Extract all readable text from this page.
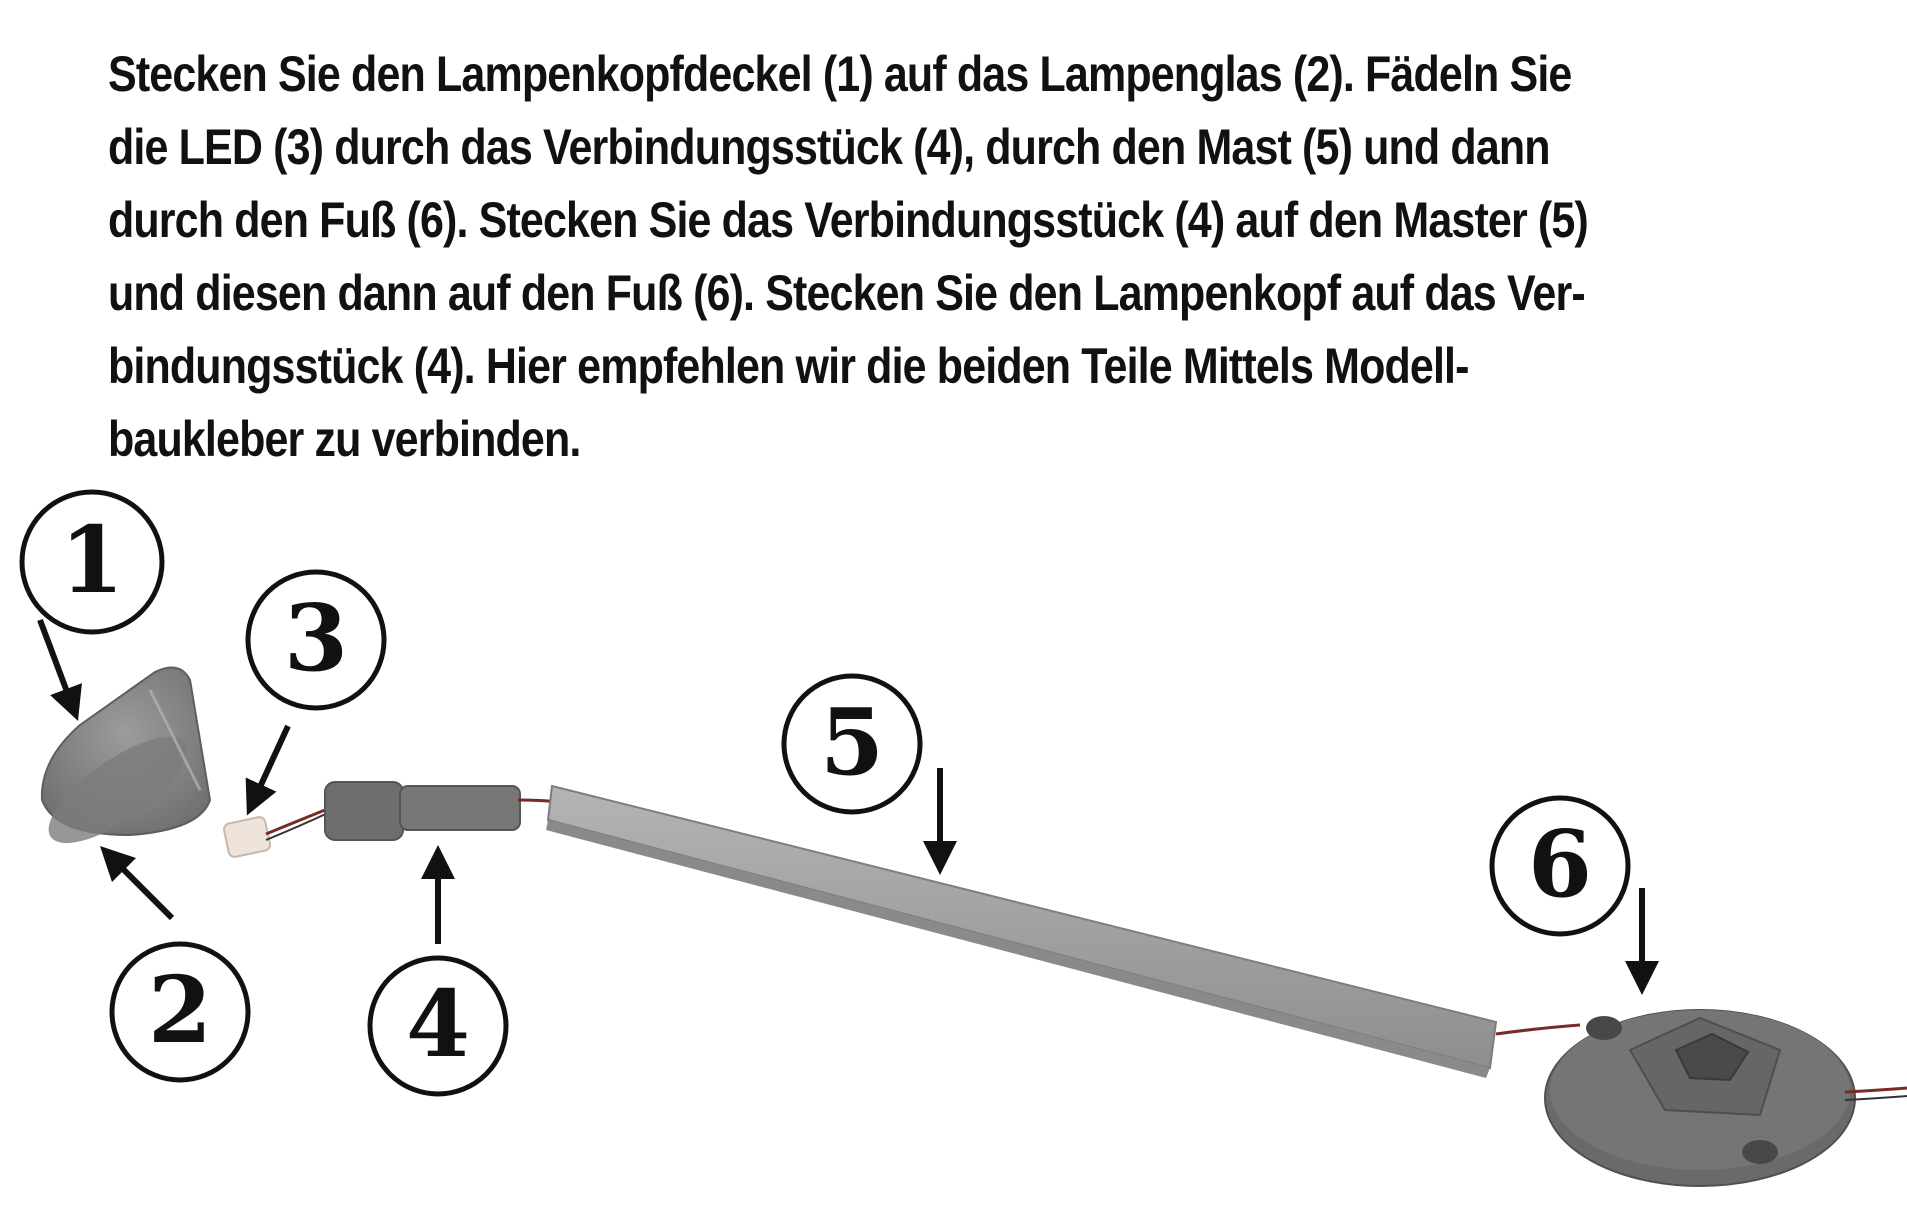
Stecken Sie den Lampenkopfdeckel (1) auf das Lampenglas (2). Fädeln Sie
die LED (3) durch das Verbindungsstück (4), durch den Mast (5) und dann
durch den Fuß (6). Stecken Sie das Verbindungsstück (4) auf den Master (5)
und diesen dann auf den Fuß (6). Stecken Sie den Lampenkopf auf das Ver-
bindungsstück (4). Hier empfehlen wir die beiden Teile Mittels Modell-
baukleber zu verbinden.
1
2
3
4
5
6
